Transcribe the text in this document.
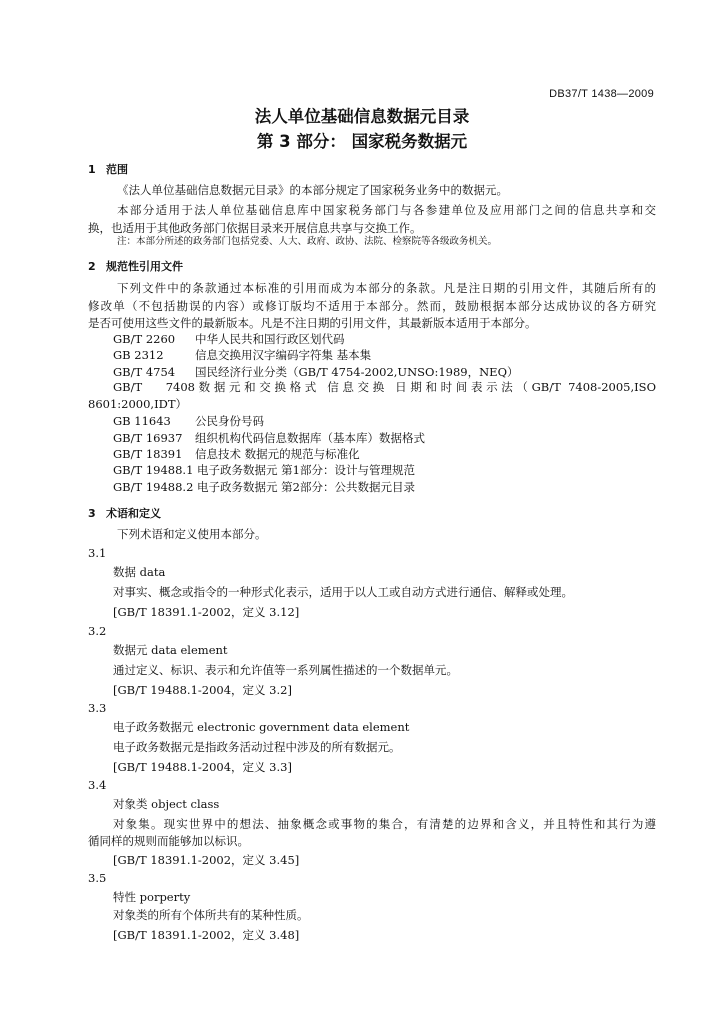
DB37/T 1438—2009
法人单位基础信息数据元目录
第 3 部分： 国家税务数据元
1 范围
《法人单位基础信息数据元目录》的本部分规定了国家税务业务中的数据元。
本部分适用于法人单位基础信息库中国家税务部门与各参建单位及应用部门之间的信息共享和交
换，也适用于其他政务部门依据目录来开展信息共享与交换工作。
注：本部分所述的政务部门包括党委、人大、政府、政协、法院、检察院等各级政务机关。
2 规范性引用文件
下列文件中的条款通过本标准的引用而成为本部分的条款。凡是注日期的引用文件，其随后所有的
修改单（不包括勘误的内容）或修订版均不适用于本部分。然而，鼓励根据本部分达成协议的各方研究
是否可使用这些文件的最新版本。凡是不注日期的引用文件，其最新版本适用于本部分。
GB/T 2260 中华人民共和国行政区划代码
GB 2312	信息交换用汉字编码字符集 基本集
GB/T 4754 国民经济行业分类（GB/T 4754-2002,UNSO:1989，NEQ）
GB/T 7408数据元和交换格式 信息交换 日期和时间表示法（GB/T 7408-2005,ISO
8601:2000,IDT）
GB 11643 公民身份号码
GB/T 16937 组织机构代码信息数据库（基本库）数据格式
GB/T 18391 信息技术 数据元的规范与标准化
GB/T 19488.1 电子政务数据元 第1部分：设计与管理规范
GB/T 19488.2 电子政务数据元 第2部分：公共数据元目录
3 术语和定义
下列术语和定义使用本部分。
3.1
数据 data
对事实、概念或指令的一种形式化表示，适用于以人工或自动方式进行通信、解释或处理。
[GB/T 18391.1-2002，定义 3.12]
3.2
数据元 data element
通过定义、标识、表示和允许值等一系列属性描述的一个数据单元。
[GB/T 19488.1-2004，定义 3.2]
3.3
电子政务数据元 electronic government data element
电子政务数据元是指政务活动过程中涉及的所有数据元。
[GB/T 19488.1-2004，定义 3.3]
3.4
对象类 object class
对象集。现实世界中的想法、抽象概念或事物的集合，有清楚的边界和含义，并且特性和其行为遵
循同样的规则而能够加以标识。
[GB/T 18391.1-2002，定义 3.45]
3.5
特性 porperty
对象类的所有个体所共有的某种性质。
[GB/T 18391.1-2002，定义 3.48]
